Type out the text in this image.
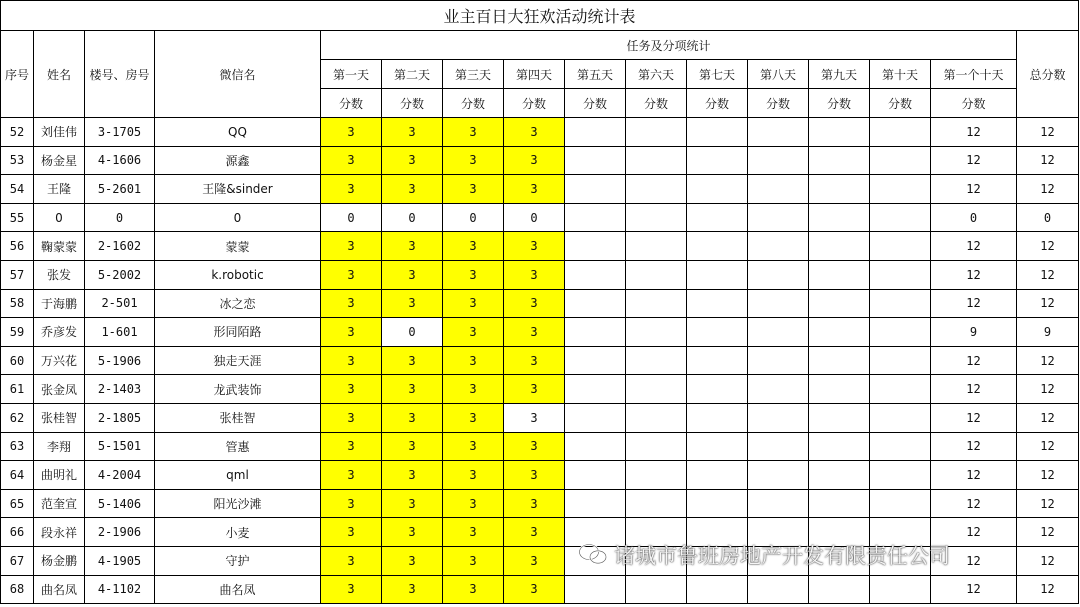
业主百日大狂欢活动统计表															
序号	姓名	楼号、房号	微信名	任务及分项统计											总分数
				第一天	第二天	第三天	第四天	第五天	第六天	第七天	第八天	第九天	第十天	第一个十天	
				分数	分数	分数	分数	分数	分数	分数	分数	分数	分数	分数	
52	刘佳伟	3-1705	QQ	3	3	3	3							12	12
53	杨金星	4-1606	源鑫	3	3	3	3							12	12
54	王隆	5-2601	王隆&sinder	3	3	3	3							12	12
55	0	0	0	0	0	0	0							0	0
56	鞠蒙蒙	2-1602	蒙蒙	3	3	3	3							12	12
57	张发	5-2002	k.robotic	3	3	3	3							12	12
58	于海鹏	2-501	冰之恋	3	3	3	3							12	12
59	乔彦发	1-601	形同陌路	3	0	3	3							9	9
60	万兴花	5-1906	独走天涯	3	3	3	3							12	12
61	张金凤	2-1403	龙武装饰	3	3	3	3							12	12
62	张桂智	2-1805	张桂智	3	3	3	3							12	12
63	李翔	5-1501	管惠	3	3	3	3							12	12
64	曲明礼	4-2004	qml	3	3	3	3							12	12
65	范奎宣	5-1406	阳光沙滩	3	3	3	3							12	12
66	段永祥	2-1906	小麦	3	3	3	3							12	12
67	杨金鹏	4-1905	守护	3	3	3	3							12	12
68	曲名凤	4-1102	曲名凤	3	3	3	3							12	12
诸城市鲁班房地产开发有限责任公司
